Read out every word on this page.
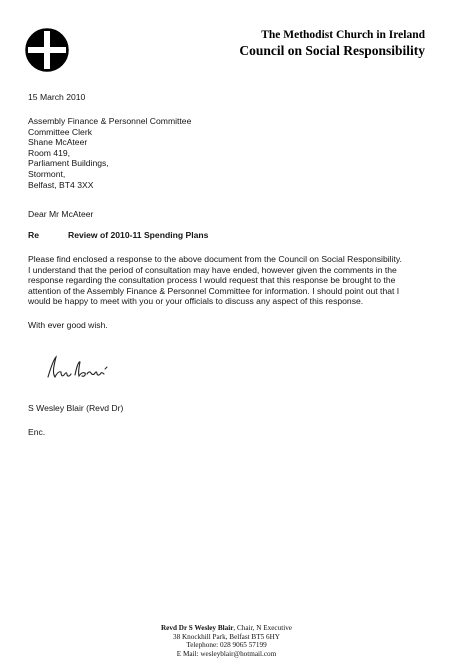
The Methodist Church in Ireland
Council on Social Responsibility
15 March 2010
Assembly Finance & Personnel Committee
Committee Clerk
Shane McAteer
Room 419,
Parliament Buildings,
Stormont,
Belfast, BT4 3XX
Dear Mr McAteer
Re	Review of 2010-11 Spending Plans
Please find enclosed a response to the above document from the Council on Social Responsibility.
I understand that the period of consultation may have ended, however given the comments in the
response regarding the consultation process I would request that this response be brought to the
attention of the Assembly Finance & Personnel Committee for information. I should point out that I
would be happy to meet with you or your officials to discuss any aspect of this response.
With ever good wish.
S Wesley Blair (Revd Dr)
Enc.
Revd Dr S Wesley Blair, Chair, N Executive
38 Knockhill Park, Belfast BT5 6HY
Telephone: 028 9065 57199
E Mail: wesleyblair@hotmail.com
